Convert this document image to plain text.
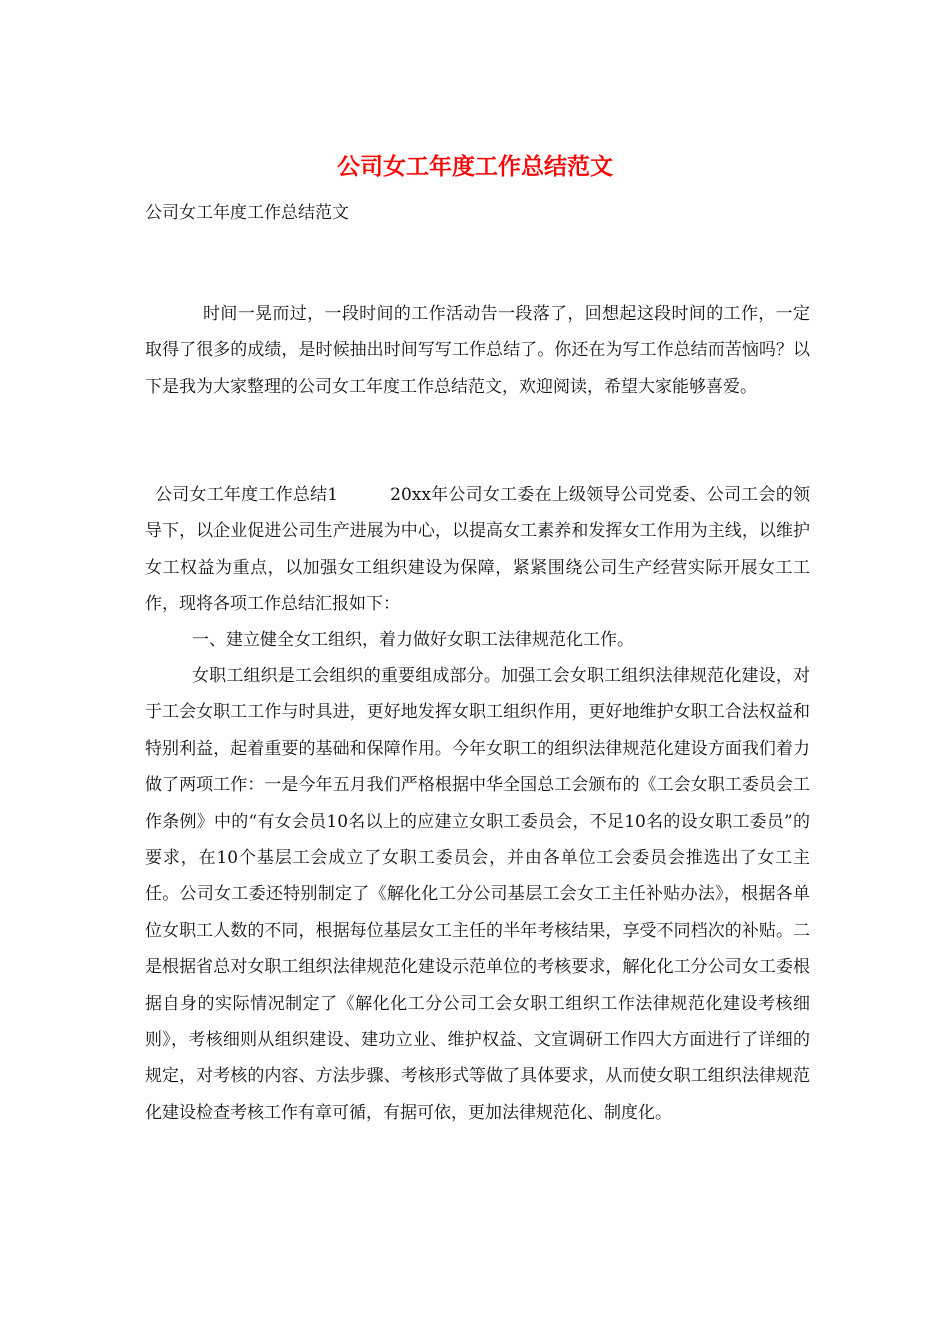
公司女工年度工作总结范文

公司女工年度工作总结范文

时间一晃而过，一段时间的工作活动告一段落了，回想起这段时间的工作，一定取得了很多的成绩，是时候抽出时间写写工作总结了。你还在为写工作总结而苦恼吗？以下是我为大家整理的公司女工年度工作总结范文，欢迎阅读，希望大家能够喜爱。

公司女工年度工作总结1	20xx年公司女工委在上级领导公司党委、公司工会的领导下，以企业促进公司生产进展为中心，以提高女工素养和发挥女工作用为主线，以维护女工权益为重点，以加强女工组织建设为保障，紧紧围绕公司生产经营实际开展女工工作，现将各项工作总结汇报如下：

一、建立健全女工组织，着力做好女职工法律规范化工作。

女职工组织是工会组织的重要组成部分。加强工会女职工组织法律规范化建设，对于工会女职工工作与时具进，更好地发挥女职工组织作用，更好地维护女职工合法权益和特别利益，起着重要的基础和保障作用。今年女职工的组织法律规范化建设方面我们着力做了两项工作：一是今年五月我们严格根据中华全国总工会颁布的《工会女职工委员会工作条例》中的“有女会员10名以上的应建立女职工委员会，不足10名的设女职工委员”的要求，在10个基层工会成立了女职工委员会，并由各单位工会委员会推选出了女工主任。公司女工委还特别制定了《解化化工分公司基层工会女工主任补贴办法》，根据各单位女职工人数的不同，根据每位基层女工主任的半年考核结果，享受不同档次的补贴。二是根据省总对女职工组织法律规范化建设示范单位的考核要求，解化化工分公司女工委根据自身的实际情况制定了《解化化工分公司工会女职工组织工作法律规范化建设考核细则》，考核细则从组织建设、建功立业、维护权益、文宣调研工作四大方面进行了详细的规定，对考核的内容、方法步骤、考核形式等做了具体要求，从而使女职工组织法律规范化建设检查考核工作有章可循，有据可依，更加法律规范化、制度化。
